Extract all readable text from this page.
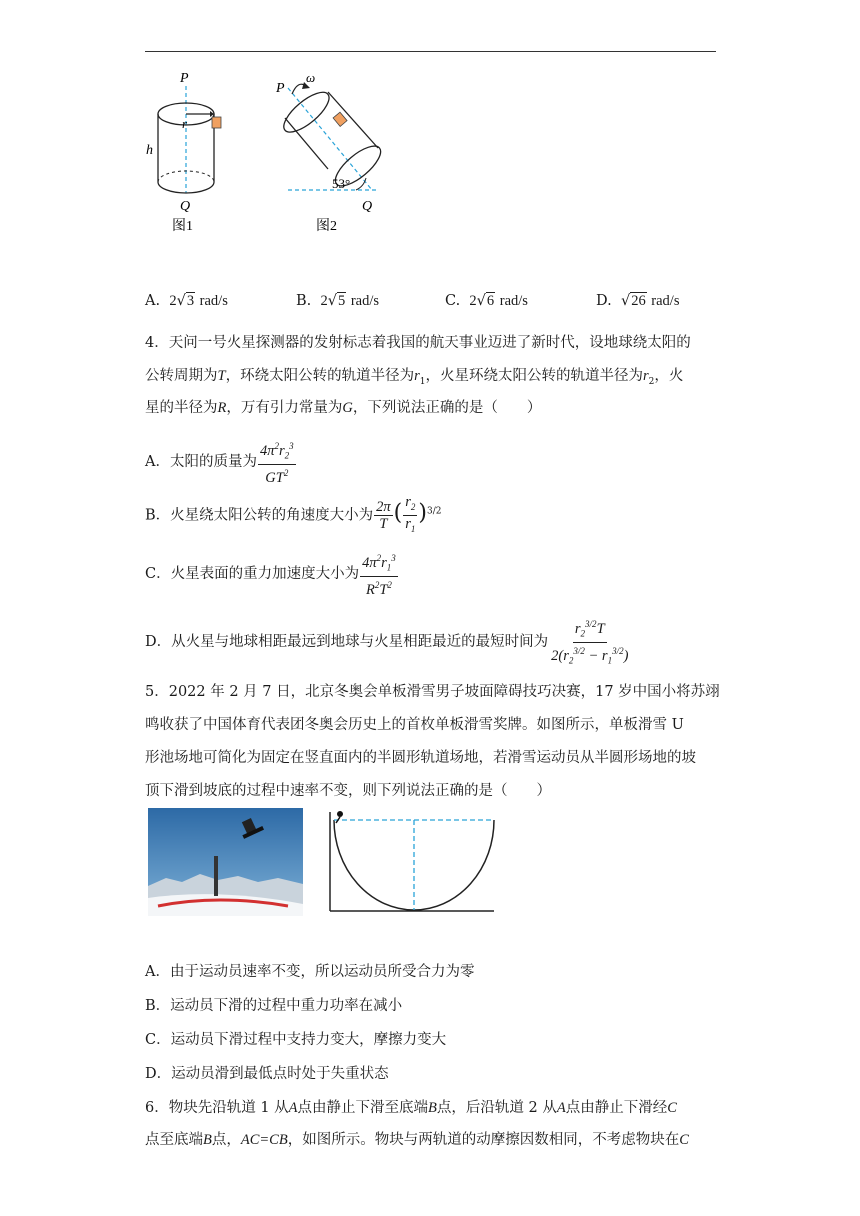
P
r
h
Q
图1
P
ω
53°
Q
图2
A. 2√3 rad/s	B. 2√5 rad/s	C. 2√6 rad/s	D. √26 rad/s
4．天问一号火星探测器的发射标志着我国的航天事业迈进了新时代，设地球绕太阳的
公转周期为T，环绕太阳公转的轨道半径为$r_1$，火星环绕太阳公转的轨道半径为$r_2$，火
星的半径为R，万有引力常量为G，下列说法正确的是（　　）
A．太阳的质量为 $\frac{4\pi^2r_2^3}{GT^2}$
B．火星绕太阳公转的角速度大小为 $\frac{2\pi}{T}$ ( $\frac{r_2}{r_1} )^{3/2}$
C．火星表面的重力加速度大小为 $\frac{4\pi^2r_1^3}{R^2T^2}$
D．从火星与地球相距最远到地球与火星相距最近的最短时间为 $\frac{r_2^{3/2}T}{2(r_2^{3/2} - r_1^{3/2})}$
5．2022 年 2 月 7 日，北京冬奥会单板滑雪男子坡面障碍技巧决赛，17 岁中国小将苏翊
鸣收获了中国体育代表团冬奥会历史上的首枚单板滑雪奖牌。如图所示，单板滑雪 U
形池场地可简化为固定在竖直面内的半圆形轨道场地，若滑雪运动员从半圆形场地的坡
顶下滑到坡底的过程中速率不变，则下列说法正确的是（　　）
A．由于运动员速率不变，所以运动员所受合力为零
B．运动员下滑的过程中重力功率在减小
C．运动员下滑过程中支持力变大，摩擦力变大
D．运动员滑到最低点时处于失重状态
6．物块先沿轨道 1 从A点由静止下滑至底端B点，后沿轨道 2 从A点由静止下滑经C
点至底端B点，AC=CB，如图所示。物块与两轨道的动摩擦因数相同，不考虑物块在C
